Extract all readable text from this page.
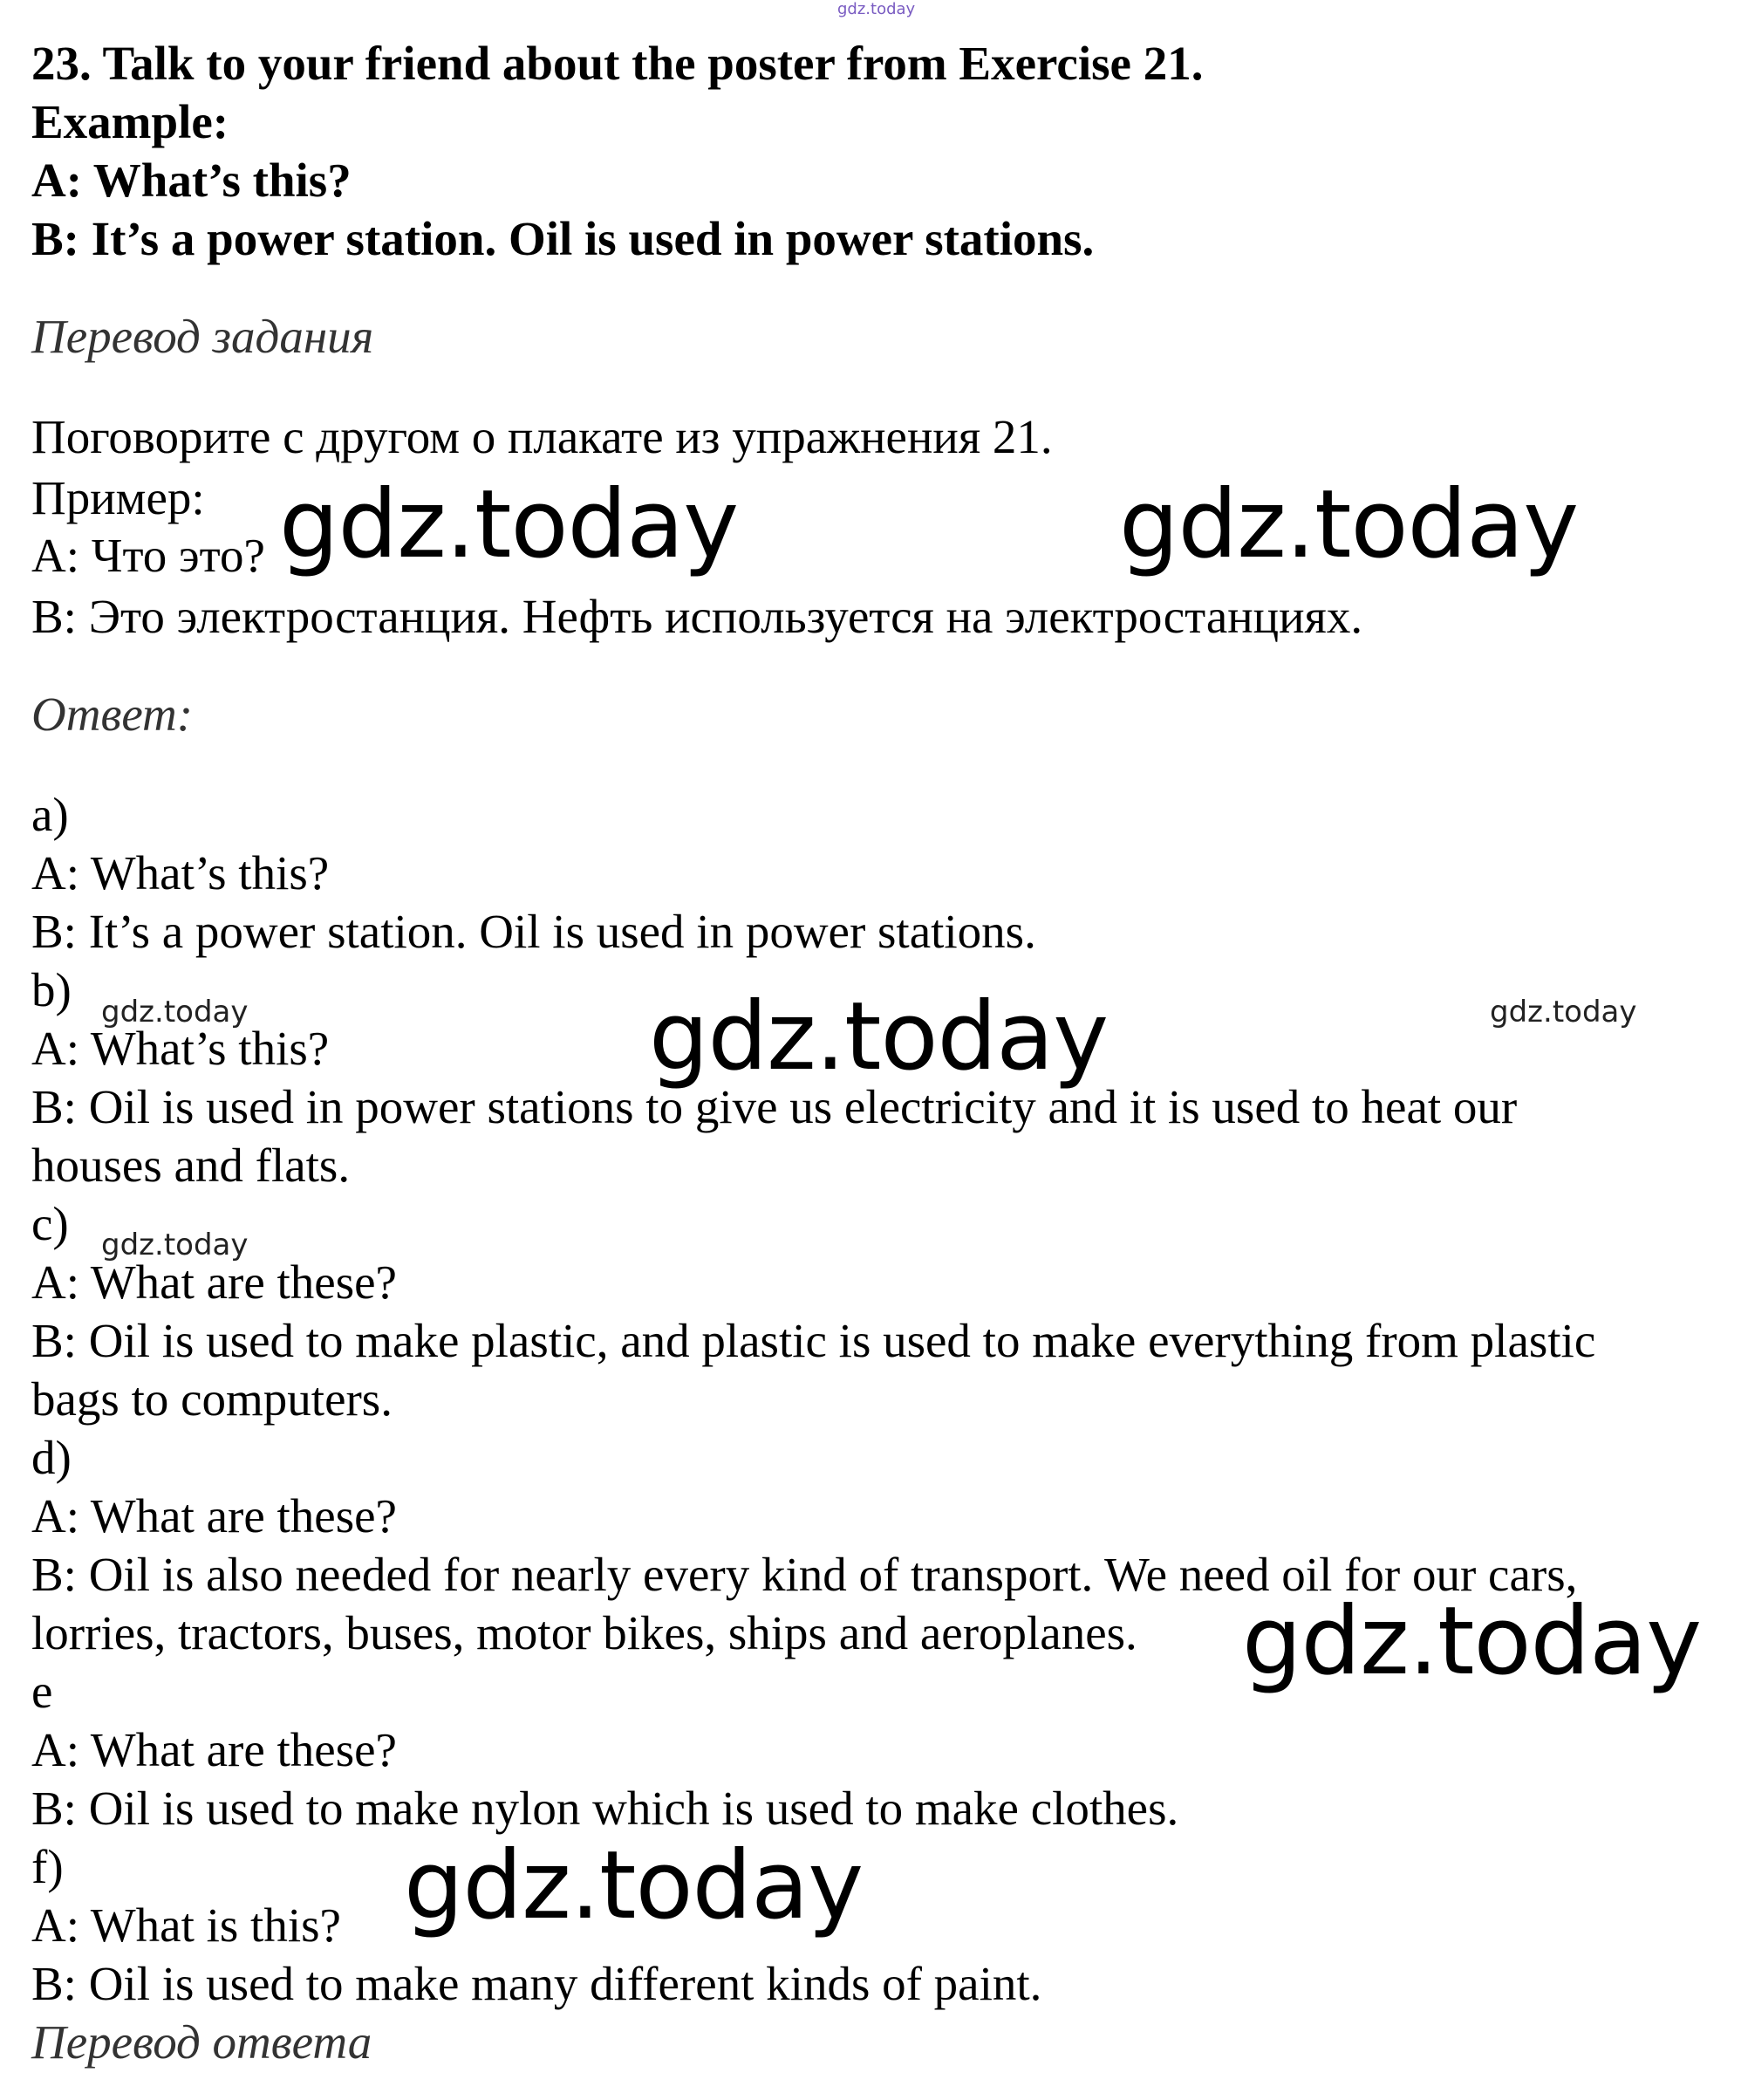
gdz.today

23. Talk to your friend about the poster from Exercise 21.

Example:

A: What’s this?

B: It’s a power station. Oil is used in power stations.

Перевод задания

Поговорите с другом о плакате из упражнения 21.

Пример:

A: Что это?

B: Это электростанция. Нефть используется на электростанциях.

Ответ:

a)

A: What’s this?

B: It’s a power station. Oil is used in power stations.

b)

A: What’s this?

B: Oil is used in power stations to give us electricity and it is used to heat our

houses and flats.

c)

A: What are these?

B: Oil is used to make plastic, and plastic is used to make everything from plastic

bags to computers.

d)

A: What are these?

B: Oil is also needed for nearly every kind of transport. We need oil for our cars,

lorries, tractors, buses, motor bikes, ships and aeroplanes.

e

A: What are these?

B: Oil is used to make nylon which is used to make clothes.

f)

A: What is this?

B: Oil is used to make many different kinds of paint.

Перевод ответа

gdz.today	gdz.today
gdz.today
gdz.today
gdz.today
gdz.today	gdz.today
gdz.today
